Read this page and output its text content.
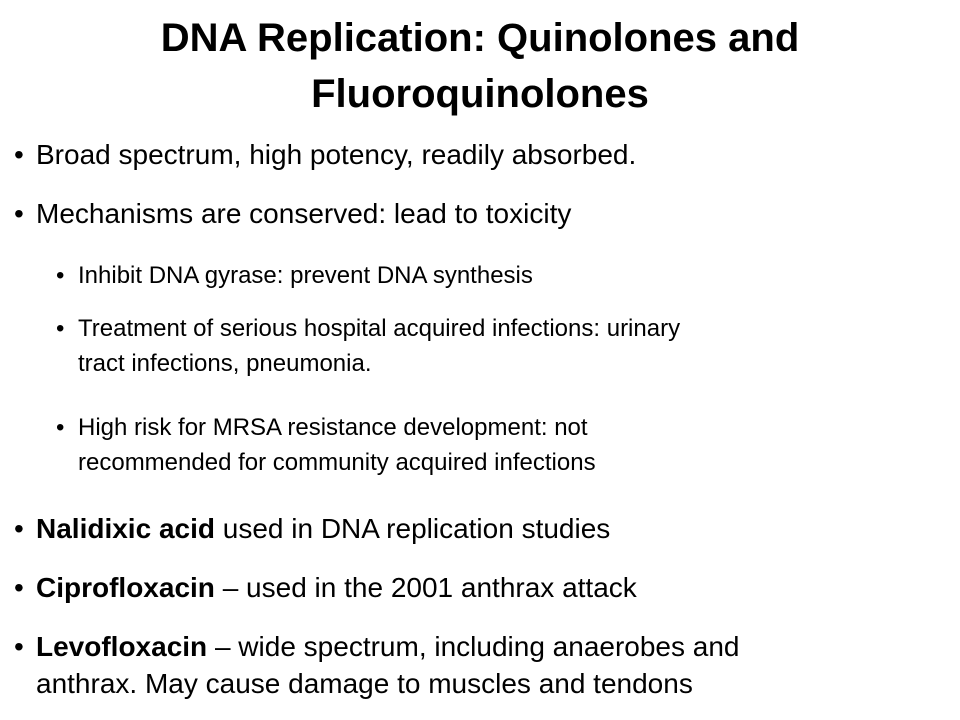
DNA Replication: Quinolones and
Fluoroquinolones
• Broad spectrum, high potency, readily absorbed.
• Mechanisms are conserved: lead to toxicity
• Inhibit DNA gyrase: prevent DNA synthesis
• Treatment of serious hospital acquired infections: urinary
tract infections, pneumonia.
• High risk for MRSA resistance development: not
recommended for community acquired infections
• Nalidixic acid used in DNA replication studies
• Ciprofloxacin – used in the 2001 anthrax attack
• Levofloxacin – wide spectrum, including anaerobes and
anthrax. May cause damage to muscles and tendons
